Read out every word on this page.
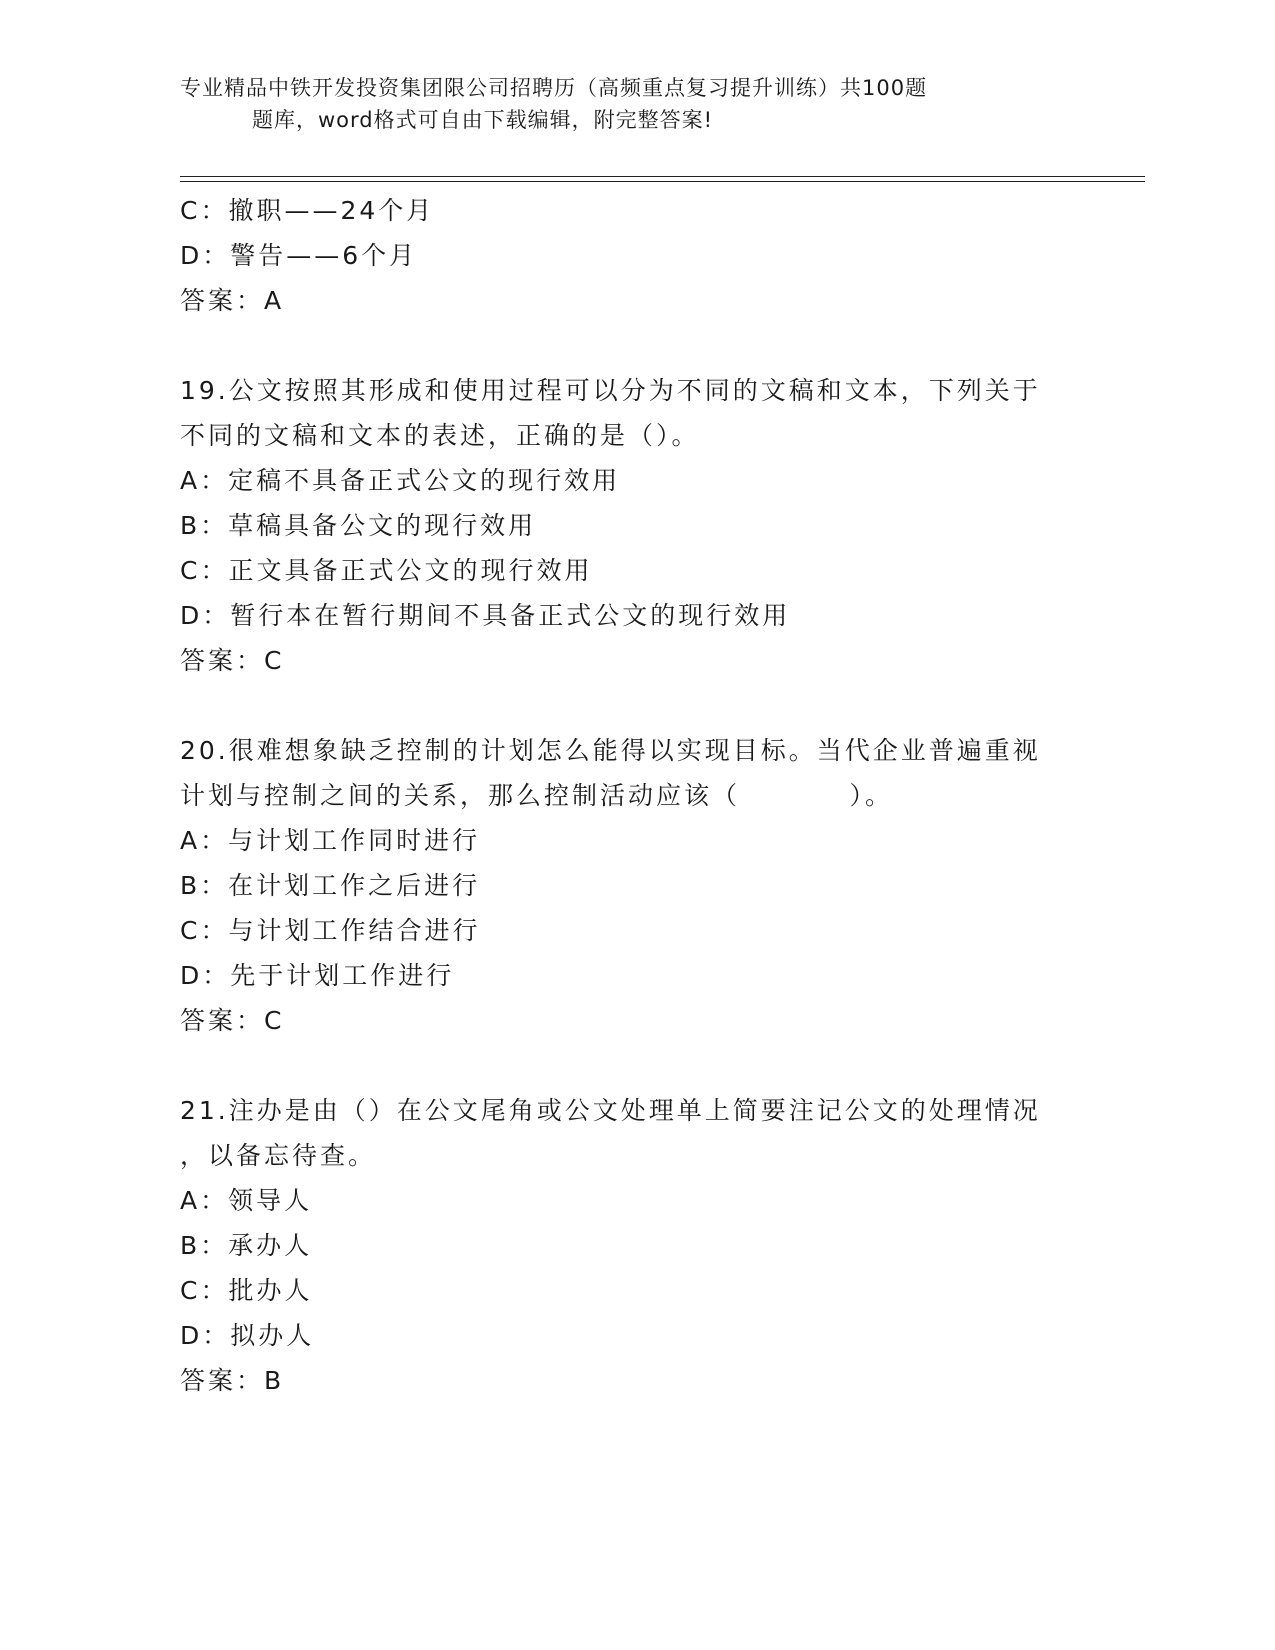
专业精品中铁开发投资集团限公司招聘历（高频重点复习提升训练）共100题
题库，word格式可自由下载编辑，附完整答案!
C：撤职——24个月
D：警告——6个月
答案：A
19.公文按照其形成和使用过程可以分为不同的文稿和文本，下列关于
不同的文稿和文本的表述，正确的是（）。
A：定稿不具备正式公文的现行效用
B：草稿具备公文的现行效用
C：正文具备正式公文的现行效用
D：暂行本在暂行期间不具备正式公文的现行效用
答案：C
20.很难想象缺乏控制的计划怎么能得以实现目标。当代企业普遍重视
计划与控制之间的关系，那么控制活动应该（          ）。
A：与计划工作同时进行
B：在计划工作之后进行
C：与计划工作结合进行
D：先于计划工作进行
答案：C
21.注办是由（）在公文尾角或公文处理单上简要注记公文的处理情况
，以备忘待查。
A：领导人
B：承办人
C：批办人
D：拟办人
答案：B
